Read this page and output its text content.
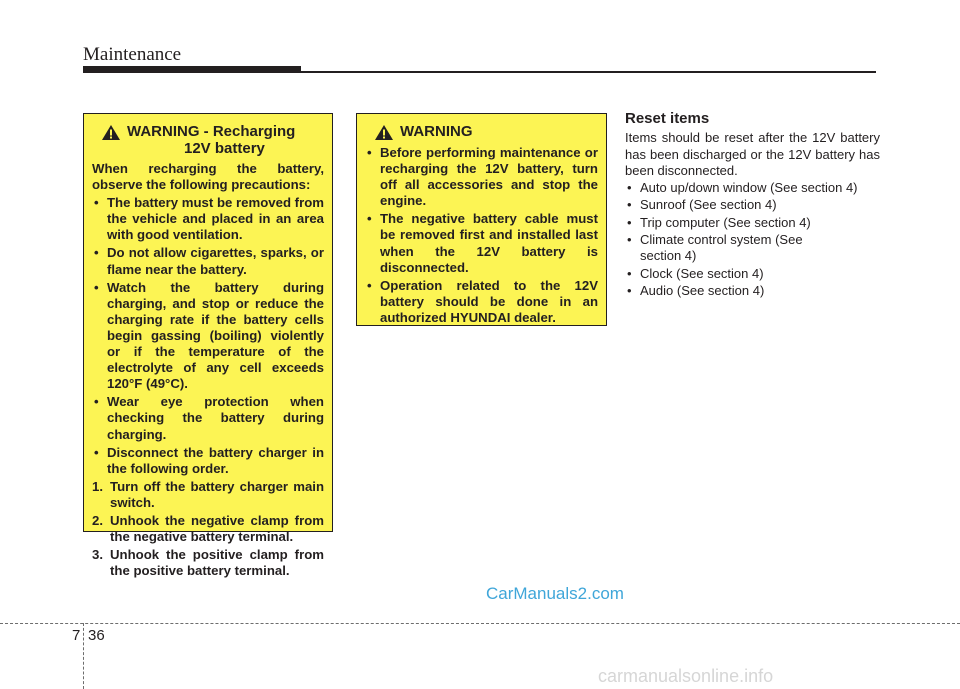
Maintenance
WARNING - Recharging
12V battery

When recharging the battery, observe the following precautions:

• The battery must be removed from the vehicle and placed in an area with good ventilation.
• Do not allow cigarettes, sparks, or flame near the battery.
• Watch the battery during charging, and stop or reduce the charging rate if the battery cells begin gassing (boiling) violently or if the temperature of the electrolyte of any cell exceeds 120°F (49°C).
• Wear eye protection when checking the battery during charging.
• Disconnect the battery charger in the following order.
1. Turn off the battery charger main switch.
2. Unhook the negative clamp from the negative battery terminal.
3. Unhook the positive clamp from the positive battery terminal.
WARNING
• Before performing maintenance or recharging the 12V battery, turn off all accessories and stop the engine.
• The negative battery cable must be removed first and installed last when the 12V battery is disconnected.
• Operation related to the 12V battery should be done in an authorized HYUNDAI dealer.
Reset items

Items should be reset after the 12V battery has been discharged or the 12V battery has been disconnected.

• Auto up/down window (See section 4)
• Sunroof (See section 4)
• Trip computer (See section 4)
• Climate control system (See section 4)
• Clock (See section 4)
• Audio (See section 4)
CarManuals2.com
7 36
carmanualsonline.info
